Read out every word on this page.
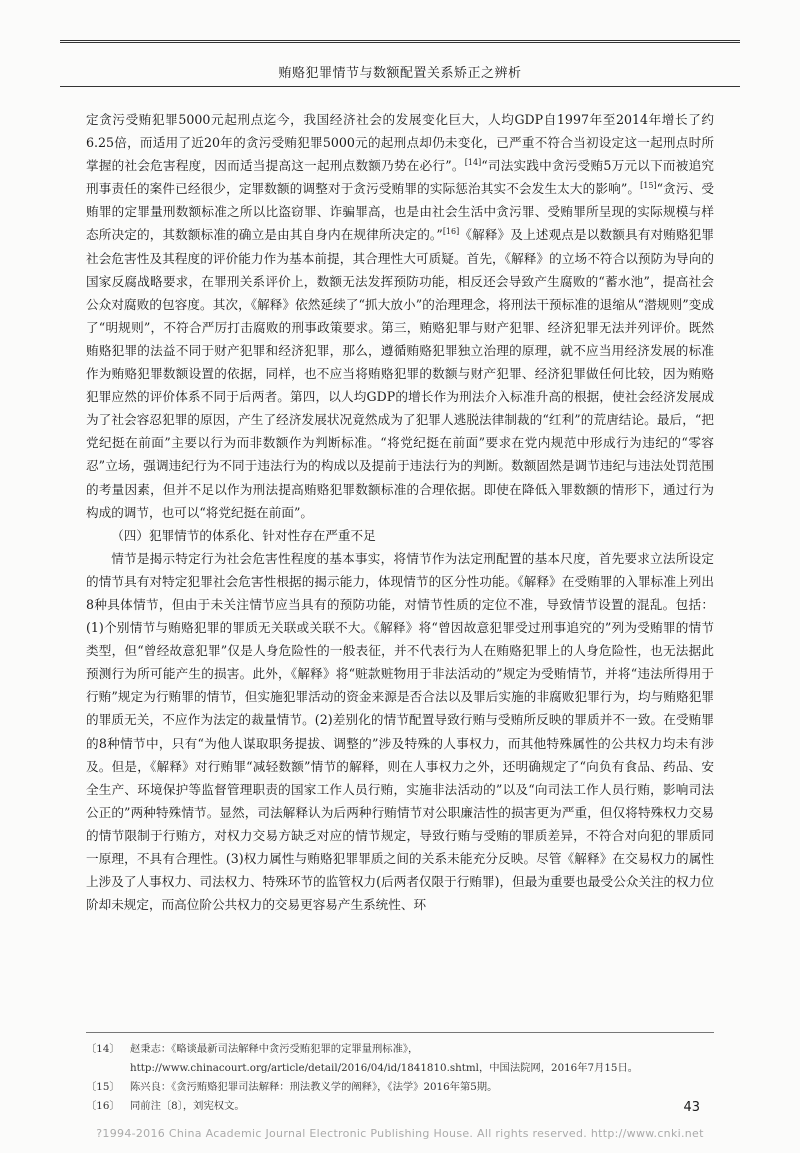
贿赂犯罪情节与数额配置关系矫正之辨析

定贪污受贿犯罪5000元起刑点迄今，我国经济社会的发展变化巨大，人均GDP自1997年至2014年增长了约6.25倍，而适用了近20年的贪污受贿犯罪5000元的起刑点却仍未变化，已严重不符合当初设定这一起刑点时所掌握的社会危害程度，因而适当提高这一起刑点数额乃势在必行”。[14]“司法实践中贪污受贿5万元以下而被追究刑事责任的案件已经很少，定罪数额的调整对于贪污受贿罪的实际惩治其实不会发生太大的影响”。[15]“贪污、受贿罪的定罪量刑数额标准之所以比盗窃罪、诈骗罪高，也是由社会生活中贪污罪、受贿罪所呈现的实际规模与样态所决定的，其数额标准的确立是由其自身内在规律所决定的。”[16]《解释》及上述观点是以数额具有对贿赂犯罪社会危害性及其程度的评价能力作为基本前提，其合理性大可质疑。首先，《解释》的立场不符合以预防为导向的国家反腐战略要求，在罪刑关系评价上，数额无法发挥预防功能，相反还会导致产生腐败的“蓄水池”，提高社会公众对腐败的包容度。其次，《解释》依然延续了“抓大放小”的治理理念，将刑法干预标准的退缩从“潜规则”变成了“明规则”，不符合严厉打击腐败的刑事政策要求。第三，贿赂犯罪与财产犯罪、经济犯罪无法并列评价。既然贿赂犯罪的法益不同于财产犯罪和经济犯罪，那么，遵循贿赂犯罪独立治理的原理，就不应当用经济发展的标准作为贿赂犯罪数额设置的依据，同样，也不应当将贿赂犯罪的数额与财产犯罪、经济犯罪做任何比较，因为贿赂犯罪应然的评价体系不同于后两者。第四，以人均GDP的增长作为刑法介入标准升高的根据，使社会经济发展成为了社会容忍犯罪的原因，产生了经济发展状况竟然成为了犯罪人逃脱法律制裁的“红利”的荒唐结论。最后，“把党纪挺在前面”主要以行为而非数额作为判断标准。“将党纪挺在前面”要求在党内规范中形成行为违纪的“零容忍”立场，强调违纪行为不同于违法行为的构成以及提前于违法行为的判断。数额固然是调节违纪与违法处罚范围的考量因素，但并不足以作为刑法提高贿赂犯罪数额标准的合理依据。即使在降低入罪数额的情形下，通过行为构成的调节，也可以“将党纪挺在前面”。

（四）犯罪情节的体系化、针对性存在严重不足

情节是揭示特定行为社会危害性程度的基本事实，将情节作为法定刑配置的基本尺度，首先要求立法所设定的情节具有对特定犯罪社会危害性根据的揭示能力，体现情节的区分性功能。《解释》在受贿罪的入罪标准上列出8种具体情节，但由于未关注情节应当具有的预防功能，对情节性质的定位不准，导致情节设置的混乱。包括：(1)个别情节与贿赂犯罪的罪质无关联或关联不大。《解释》将“曾因故意犯罪受过刑事追究的”列为受贿罪的情节类型，但“曾经故意犯罪”仅是人身危险性的一般表征，并不代表行为人在贿赂犯罪上的人身危险性，也无法据此预测行为所可能产生的损害。此外，《解释》将“赃款赃物用于非法活动的”规定为受贿情节，并将“违法所得用于行贿”规定为行贿罪的情节，但实施犯罪活动的资金来源是否合法以及罪后实施的非腐败犯罪行为，均与贿赂犯罪的罪质无关，不应作为法定的裁量情节。(2)差别化的情节配置导致行贿与受贿所反映的罪质并不一致。在受贿罪的8种情节中，只有“为他人谋取职务提拔、调整的”涉及特殊的人事权力，而其他特殊属性的公共权力均未有涉及。但是，《解释》对行贿罪“减轻数额”情节的解释，则在人事权力之外，还明确规定了“向负有食品、药品、安全生产、环境保护等监督管理职责的国家工作人员行贿，实施非法活动的”以及“向司法工作人员行贿，影响司法公正的”两种特殊情节。显然，司法解释认为后两种行贿情节对公职廉洁性的损害更为严重，但仅将特殊权力交易的情节限制于行贿方，对权力交易方缺乏对应的情节规定，导致行贿与受贿的罪质差异，不符合对向犯的罪质同一原理，不具有合理性。(3)权力属性与贿赂犯罪罪质之间的关系未能充分反映。尽管《解释》在交易权力的属性上涉及了人事权力、司法权力、特殊环节的监管权力(后两者仅限于行贿罪)，但最为重要也最受公众关注的权力位阶却未规定，而高位阶公共权力的交易更容易产生系统性、环

〔14〕 赵秉志：《略谈最新司法解释中贪污受贿犯罪的定罪量刑标准》，http://www.chinacourt.org/article/detail/2016/04/id/1841810.shtml，中国法院网，2016年7月15日。
〔15〕 陈兴良：《贪污贿赂犯罪司法解释：刑法教义学的阐释》，《法学》2016年第5期。
〔16〕 同前注〔8〕，刘宪权文。	43
?1994-2016 China Academic Journal Electronic Publishing House. All rights reserved. http://www.cnki.net
